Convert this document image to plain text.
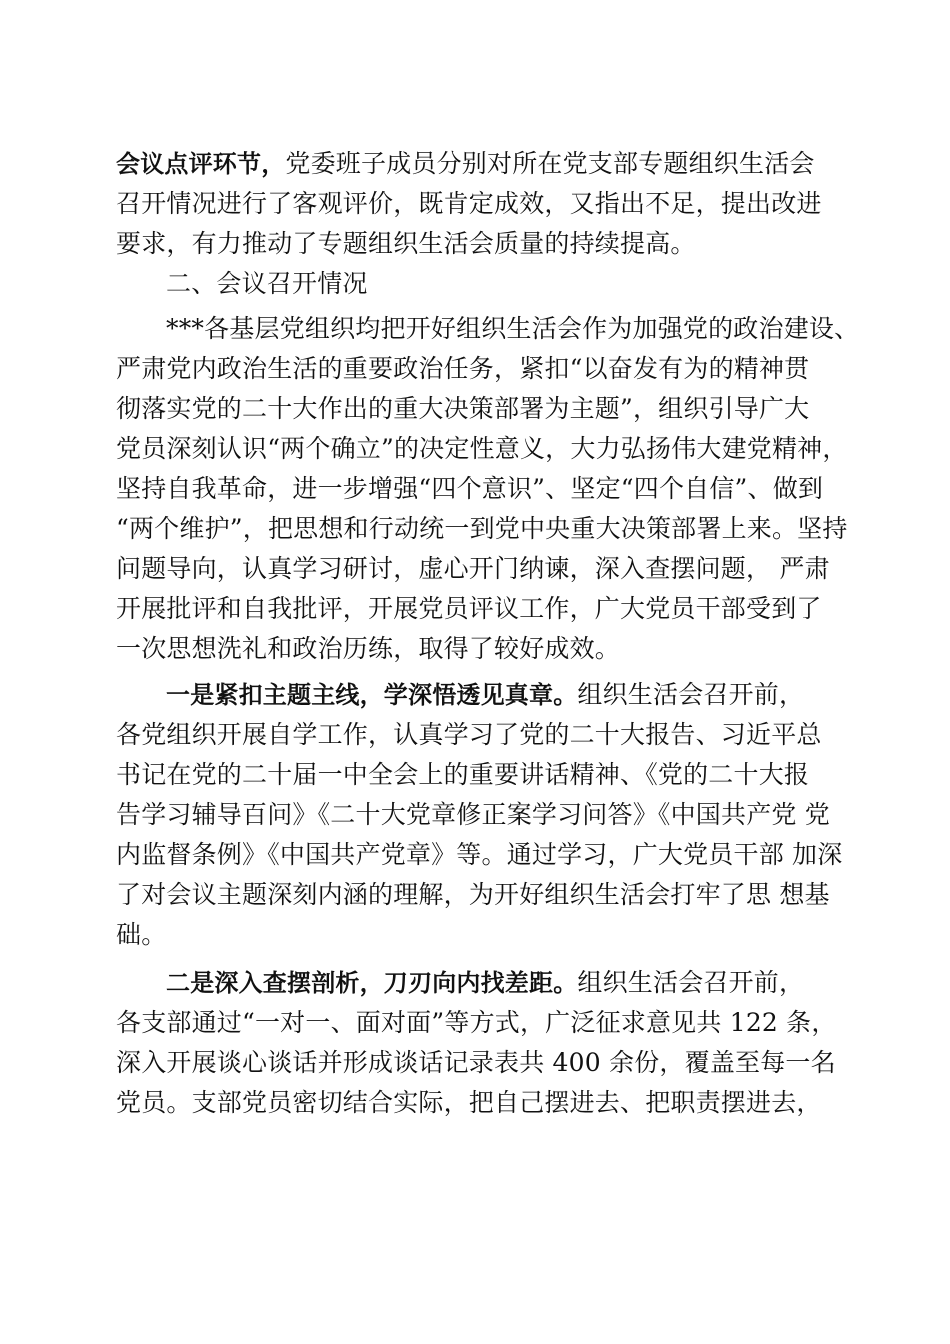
会议点评环节，党委班子成员分别对所在党支部专题组织生活会
召开情况进行了客观评价，既肯定成效，又指出不足，提出改进
要求，有力推动了专题组织生活会质量的持续提高。
二、会议召开情况
***各基层党组织均把开好组织生活会作为加强党的政治建设、
严肃党内政治生活的重要政治任务，紧扣“以奋发有为的精神贯
彻落实党的二十大作出的重大决策部署为主题”，组织引导广大
党员深刻认识“两个确立”的决定性意义，大力弘扬伟大建党精神，
坚持自我革命，进一步增强“四个意识”、坚定“四个自信”、做到
“两个维护”，把思想和行动统一到党中央重大决策部署上来。坚持
问题导向，认真学习研讨，虚心开门纳谏，深入查摆问题， 严肃
开展批评和自我批评，开展党员评议工作，广大党员干部受到了
一次思想洗礼和政治历练，取得了较好成效。
一是紧扣主题主线，学深悟透见真章。组织生活会召开前，
各党组织开展自学工作，认真学习了党的二十大报告、习近平总
书记在党的二十届一中全会上的重要讲话精神、《党的二十大报
告学习辅导百问》《二十大党章修正案学习问答》《中国共产党 党
内监督条例》《中国共产党章》等。通过学习，广大党员干部 加深
了对会议主题深刻内涵的理解，为开好组织生活会打牢了思 想基
础。
二是深入查摆剖析，刀刃向内找差距。组织生活会召开前，
各支部通过“一对一、面对面”等方式，广泛征求意见共 122 条，
深入开展谈心谈话并形成谈话记录表共 400 余份，覆盖至每一名
党员。支部党员密切结合实际，把自己摆进去、把职责摆进去，
